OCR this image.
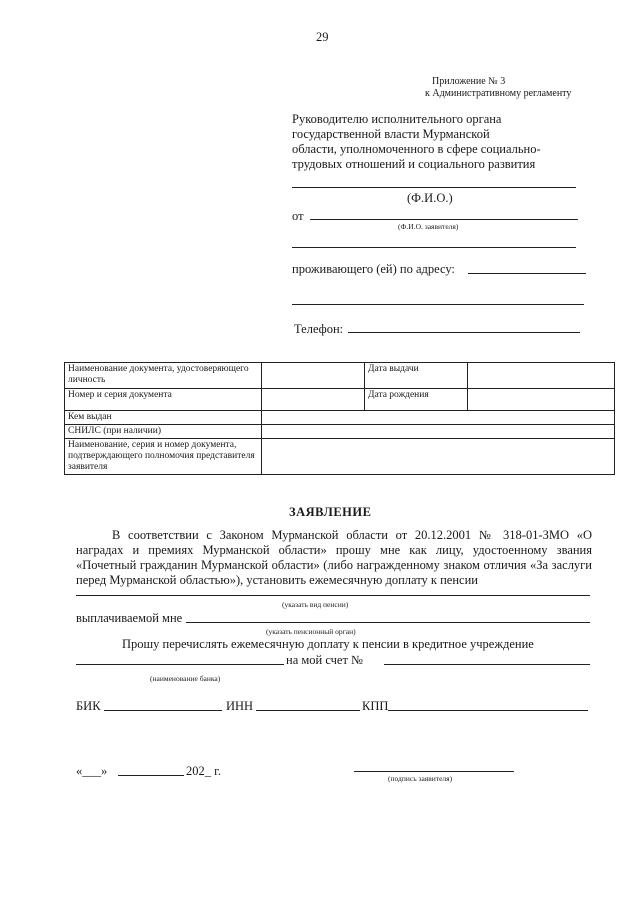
29
Приложение № 3
к Административному регламенту
Руководителю исполнительного органа
государственной власти Мурманской
области, уполномоченного в сфере социально-
трудовых отношений и социального развития
(Ф.И.О.)
от
(Ф.И.О. заявителя)
проживающего (ей) по адресу:
Телефон:
Наименование документа, удостоверяющего личность		Дата выдачи	
Номер и серия документа		Дата рождения	
Кем выдан			
СНИЛС (при наличии)			
Наименование, серия и номер документа, подтверждающего полномочия представителя заявителя			
ЗАЯВЛЕНИЕ
В соответствии с Законом Мурманской области от 20.12.2001 № 318-01-ЗМО «О наградах и премиях Мурманской области» прошу мне как лицу, удостоенному звания «Почетный гражданин Мурманской области» (либо награжденному знаком отличия «За заслуги перед Мурманской областью»), установить ежемесячную доплату к пенсии
(указать вид пенсии)
выплачиваемой мне
(указать пенсионный орган)
Прошу перечислять ежемесячную доплату к пенсии в кредитное учреждение
на мой счет №
(наименование банка)
БИК	ИНН	КПП
«___»	202_ г.
(подпись заявителя)
